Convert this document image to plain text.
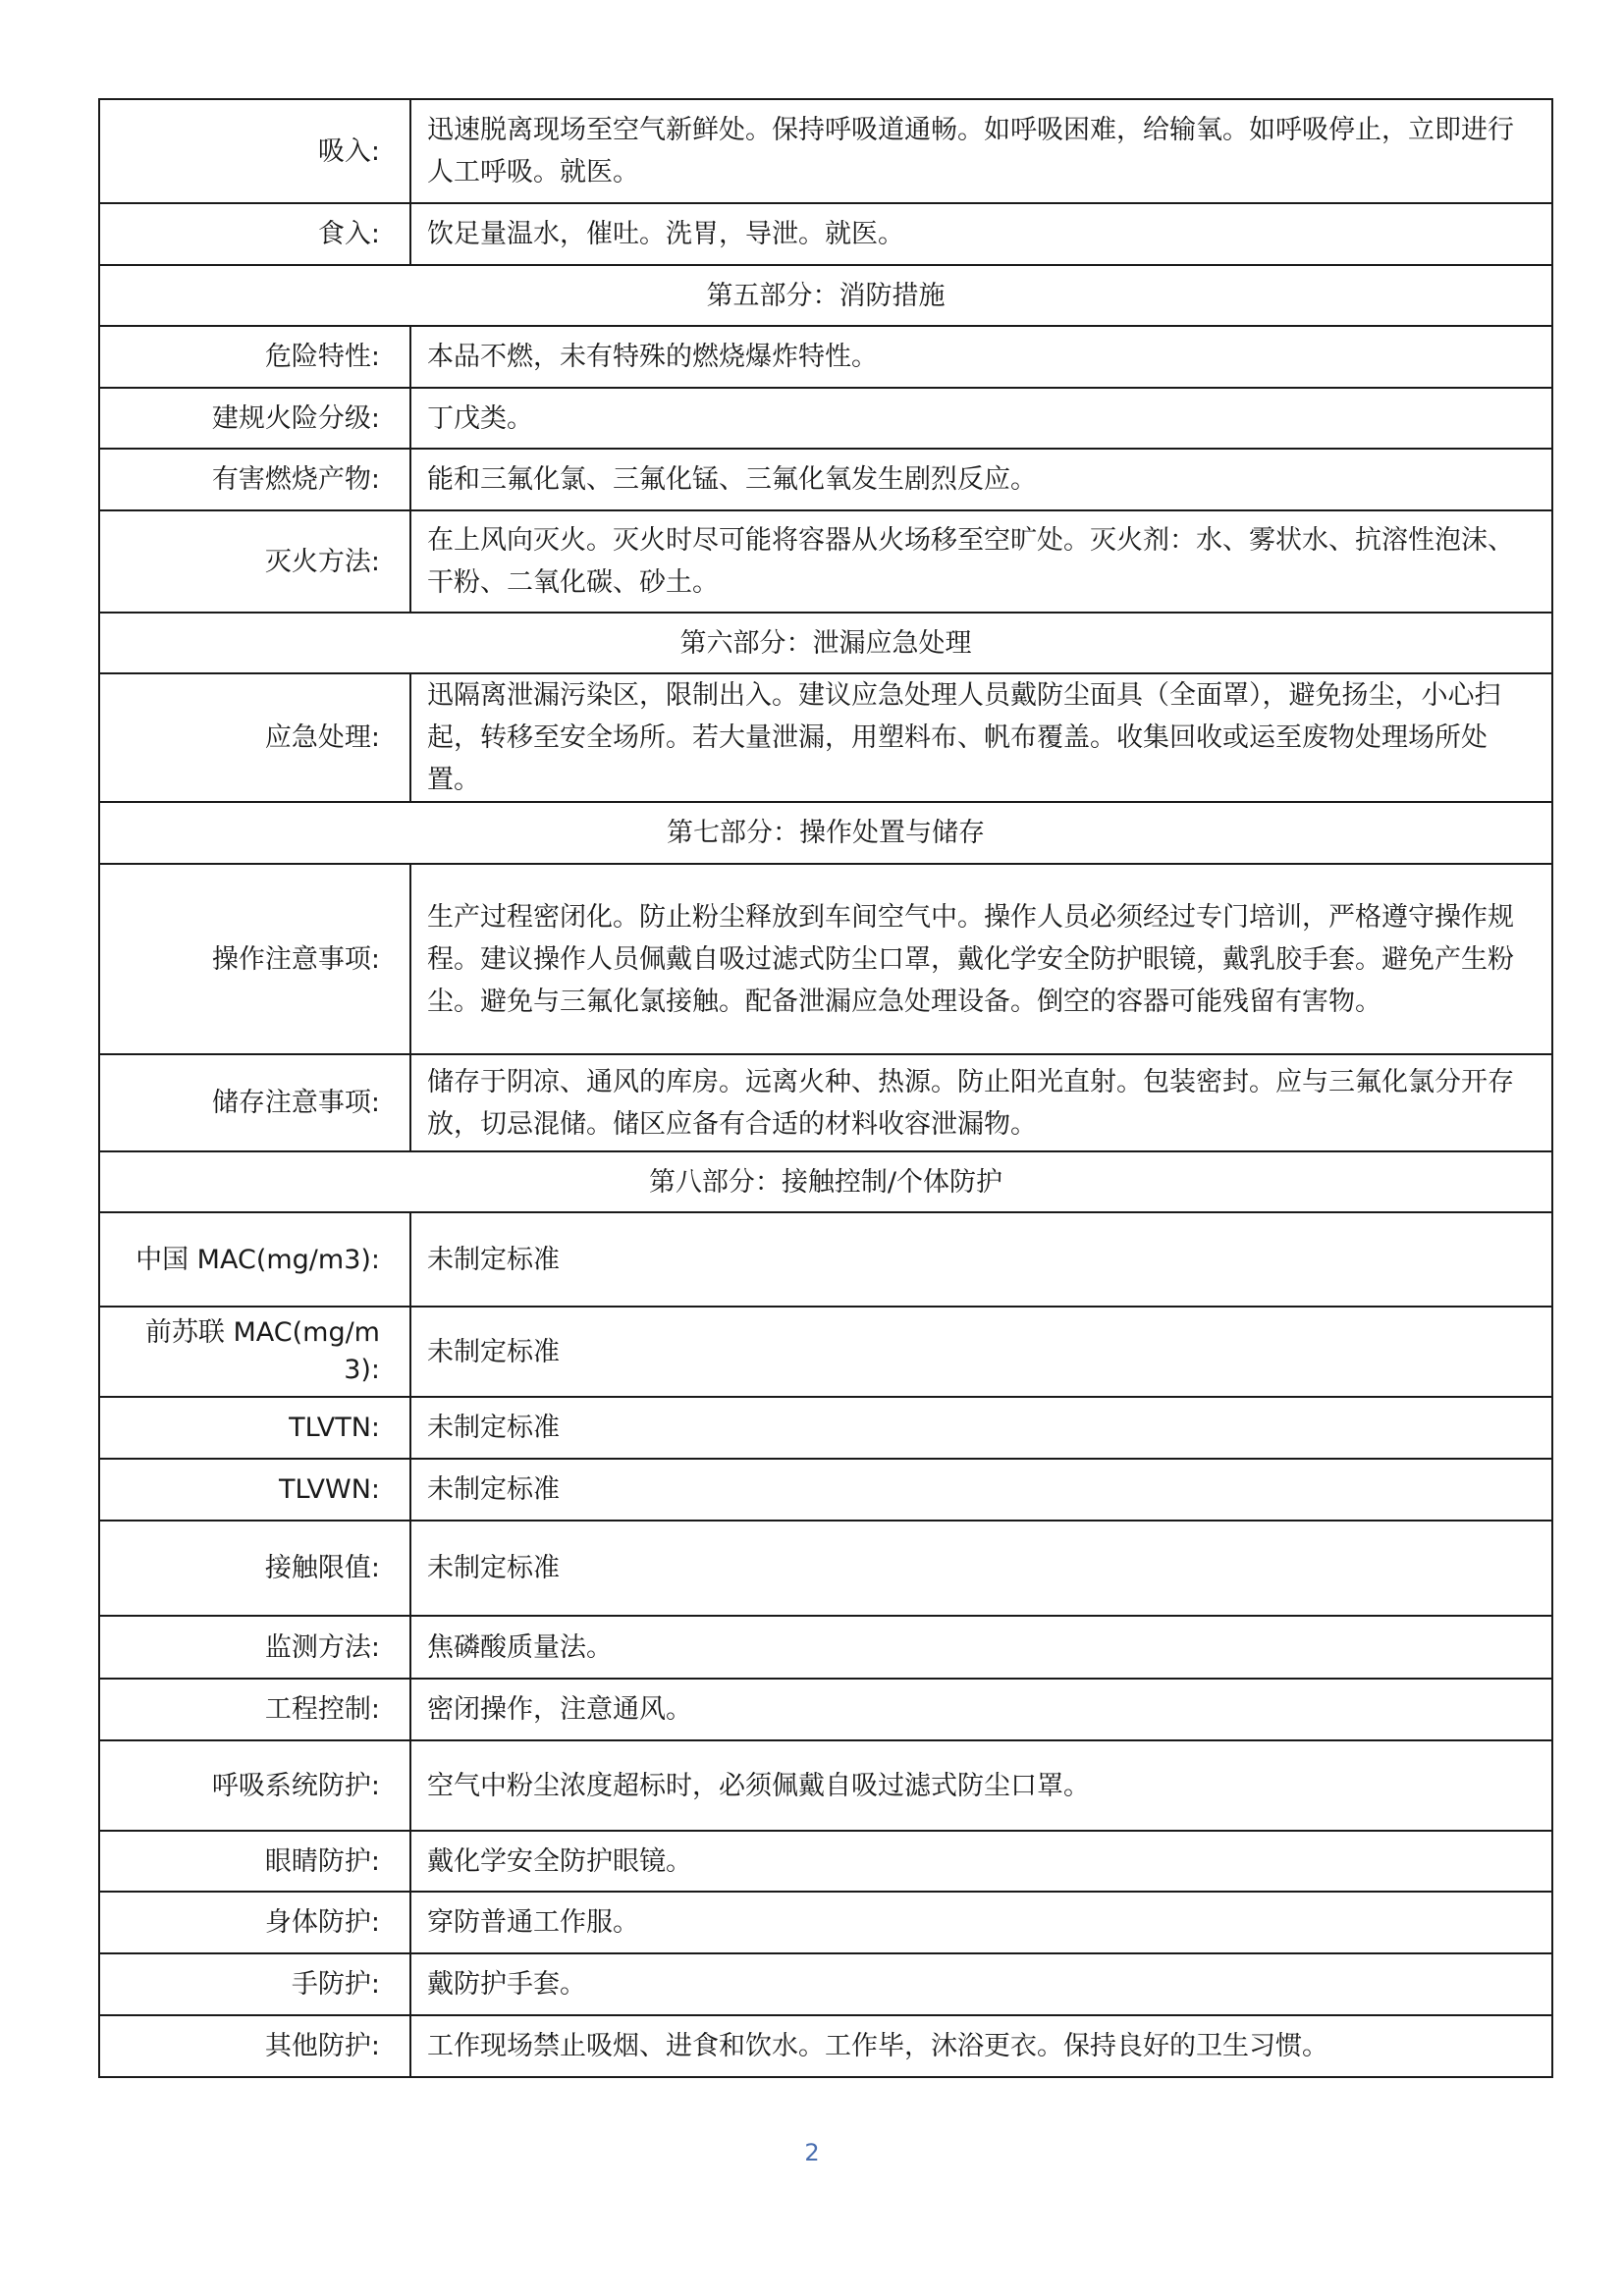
吸入:	迅速脱离现场至空气新鲜处。保持呼吸道通畅。如呼吸困难，给输氧。如呼吸停止，立即进行人工呼吸。就医。
食入:	饮足量温水，催吐。洗胃，导泄。就医。
第五部分：消防措施	
危险特性:	本品不燃，未有特殊的燃烧爆炸特性。
建规火险分级:	丁戊类。
有害燃烧产物:	能和三氟化氯、三氟化锰、三氟化氧发生剧烈反应。
灭火方法:	在上风向灭火。灭火时尽可能将容器从火场移至空旷处。灭火剂：水、雾状水、抗溶性泡沫、干粉、二氧化碳、砂土。
第六部分：泄漏应急处理	
应急处理:	迅隔离泄漏污染区，限制出入。建议应急处理人员戴防尘面具（全面罩），避免扬尘，小心扫起，转移至安全场所。若大量泄漏，用塑料布、帆布覆盖。收集回收或运至废物处理场所处置。
第七部分：操作处置与储存	
操作注意事项:	生产过程密闭化。防止粉尘释放到车间空气中。操作人员必须经过专门培训，严格遵守操作规程。建议操作人员佩戴自吸过滤式防尘口罩，戴化学安全防护眼镜，戴乳胶手套。避免产生粉尘。避免与三氟化氯接触。配备泄漏应急处理设备。倒空的容器可能残留有害物。
储存注意事项:	储存于阴凉、通风的库房。远离火种、热源。防止阳光直射。包装密封。应与三氟化氯分开存放，切忌混储。储区应备有合适的材料收容泄漏物。
第八部分：接触控制/个体防护	
中国 MAC(mg/m3):	未制定标准
前苏联 MAC(mg/m3):	未制定标准
TLVTN:	未制定标准
TLVWN:	未制定标准
接触限值:	未制定标准
监测方法:	焦磷酸质量法。
工程控制:	密闭操作，注意通风。
呼吸系统防护:	空气中粉尘浓度超标时，必须佩戴自吸过滤式防尘口罩。
眼睛防护:	戴化学安全防护眼镜。
身体防护:	穿防普通工作服。
手防护:	戴防护手套。
其他防护:	工作现场禁止吸烟、进食和饮水。工作毕，沐浴更衣。保持良好的卫生习惯。
2
